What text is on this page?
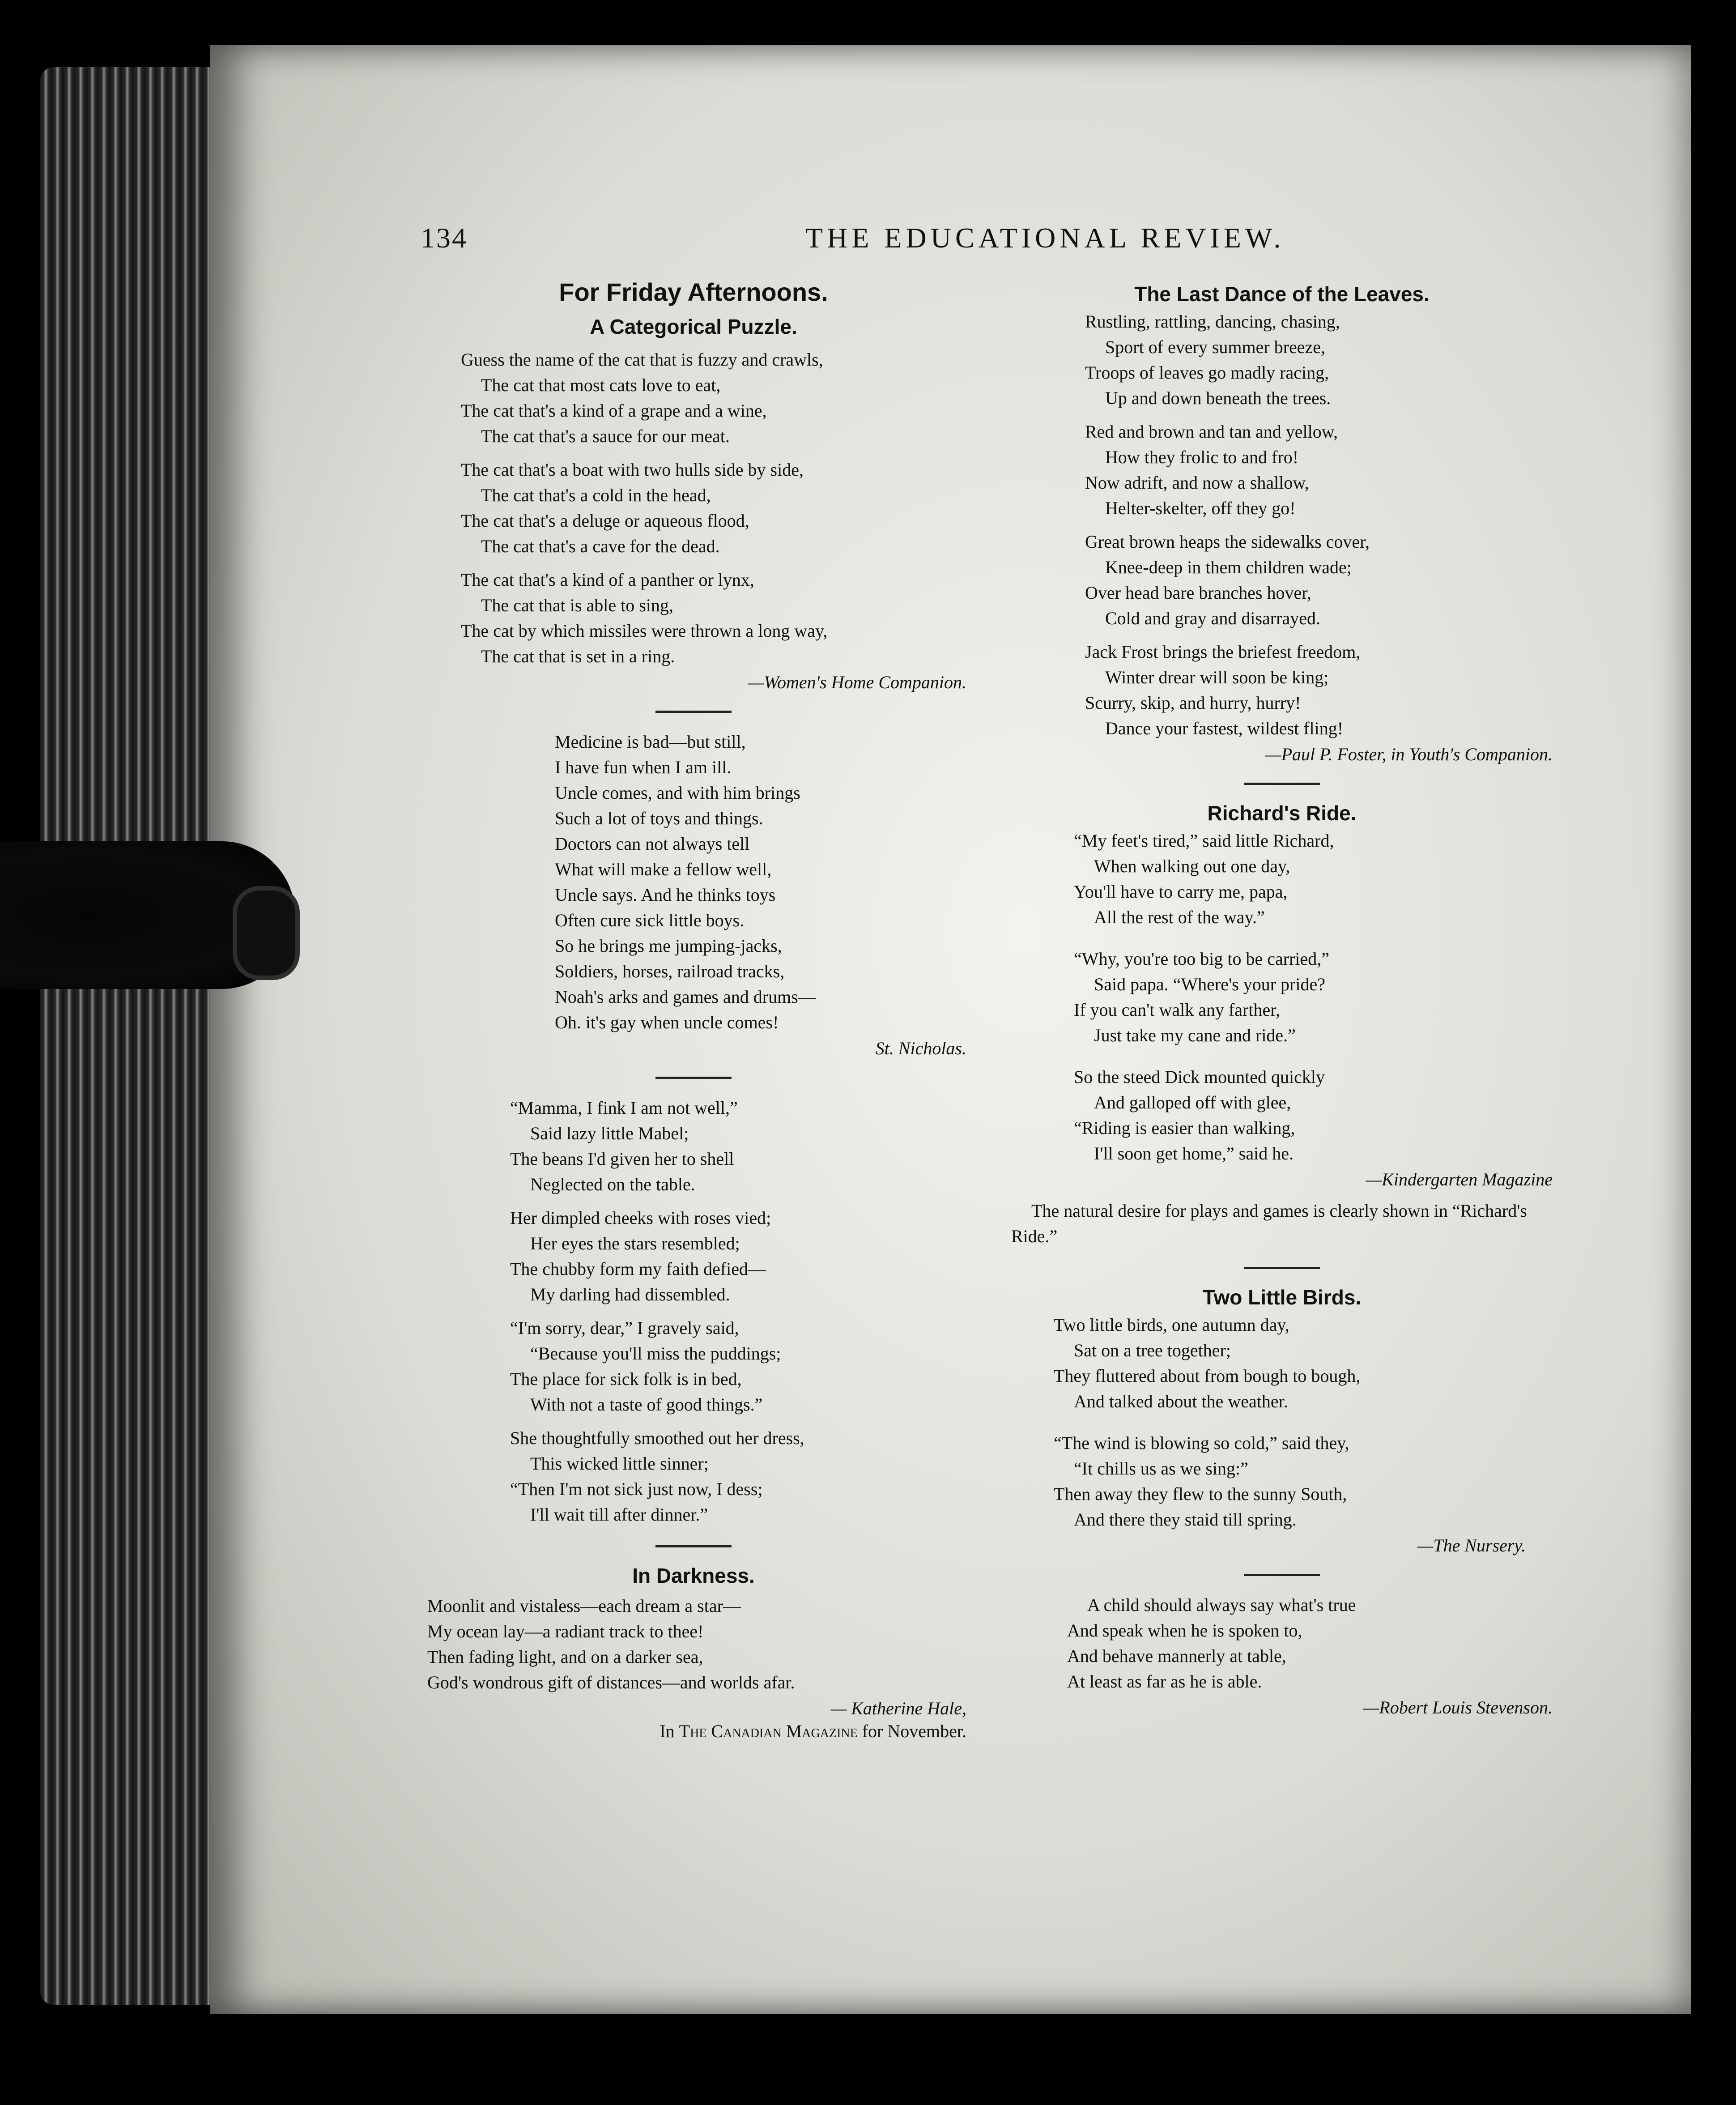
134	THE EDUCATIONAL REVIEW.
For Friday Afternoons.
A Categorical Puzzle.

Guess the name of the cat that is fuzzy and crawls,
The cat that most cats love to eat,
The cat that's a kind of a grape and a wine,
The cat that's a sauce for our meat.

The cat that's a boat with two hulls side by side,
The cat that's a cold in the head,
The cat that's a deluge or aqueous flood,
The cat that's a cave for the dead.

The cat that's a kind of a panther or lynx,
The cat that is able to sing,
The cat by which missiles were thrown a long way,
The cat that is set in a ring.

—Women's Home Companion.

Medicine is bad—but still,
I have fun when I am ill.
Uncle comes, and with him brings
Such a lot of toys and things.
Doctors can not always tell
What will make a fellow well,
Uncle says. And he thinks toys
Often cure sick little boys.
So he brings me jumping-jacks,
Soldiers, horses, railroad tracks,
Noah's arks and games and drums—
Oh. it's gay when uncle comes!

St. Nicholas.

“Mamma, I fink I am not well,”
Said lazy little Mabel;
The beans I'd given her to shell
Neglected on the table.

Her dimpled cheeks with roses vied;
Her eyes the stars resembled;
The chubby form my faith defied—
My darling had dissembled.

“I'm sorry, dear,” I gravely said,
“Because you'll miss the puddings;
The place for sick folk is in bed,
With not a taste of good things.”

She thoughtfully smoothed out her dress,
This wicked little sinner;
“Then I'm not sick just now, I dess;
I'll wait till after dinner.”

In Darkness.
Moonlit and vistaless—each dream a star—
My ocean lay—a radiant track to thee!
Then fading light, and on a darker sea,
God's wondrous gift of distances—and worlds afar.

— Katherine Hale,

In The Canadian Magazine for November.

The Last Dance of the Leaves.

Rustling, rattling, dancing, chasing,
Sport of every summer breeze,
Troops of leaves go madly racing,
Up and down beneath the trees.

Red and brown and tan and yellow,
How they frolic to and fro!
Now adrift, and now a shallow,
Helter-skelter, off they go!

Great brown heaps the sidewalks cover,
Knee-deep in them children wade;
Over head bare branches hover,
Cold and gray and disarrayed.

Jack Frost brings the briefest freedom,
Winter drear will soon be king;
Scurry, skip, and hurry, hurry!
Dance your fastest, wildest fling!

—Paul P. Foster, in Youth's Companion.

Richard's Ride.

“My feet's tired,” said little Richard,
When walking out one day,
You'll have to carry me, papa,
All the rest of the way.”

“Why, you're too big to be carried,”
Said papa. “Where's your pride?
If you can't walk any farther,
Just take my cane and ride.”

So the steed Dick mounted quickly
And galloped off with glee,
“Riding is easier than walking,
I'll soon get home,” said he.

—Kindergarten Magazine

The natural desire for plays and games is clearly shown in “Richard's Ride.”

Two Little Birds.

Two little birds, one autumn day,
Sat on a tree together;
They fluttered about from bough to bough,
And talked about the weather.

“The wind is blowing so cold,” said they,
“It chills us as we sing:”
Then away they flew to the sunny South,
And there they staid till spring.

—The Nursery.

A child should always say what's true
And speak when he is spoken to,
And behave mannerly at table,
At least as far as he is able.

—Robert Louis Stevenson.
